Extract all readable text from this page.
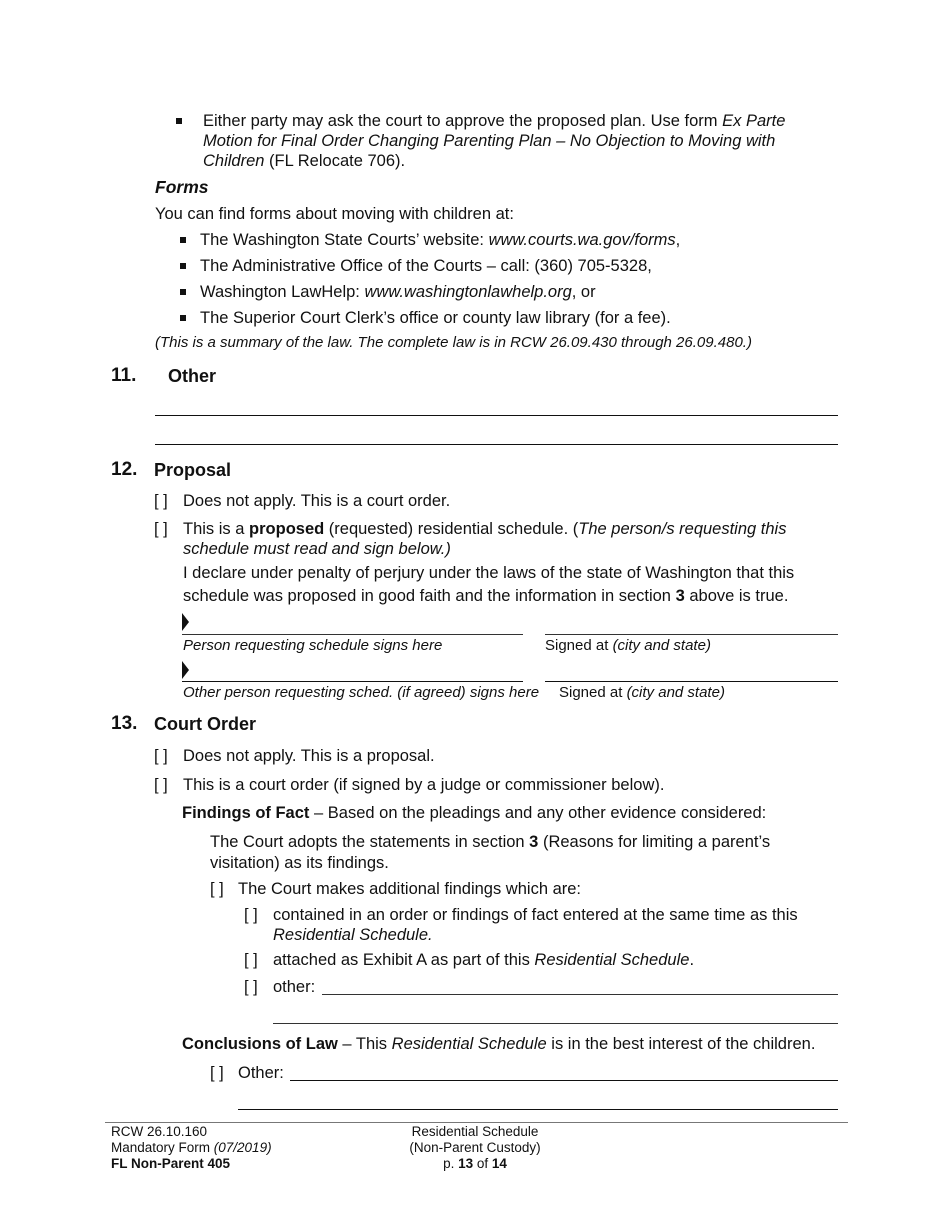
Either party may ask the court to approve the proposed plan. Use form Ex Parte
Motion for Final Order Changing Parenting Plan – No Objection to Moving with
Children (FL Relocate 706).
Forms
You can find forms about moving with children at:
The Washington State Courts’ website: www.courts.wa.gov/forms,
The Administrative Office of the Courts – call: (360) 705-5328,
Washington LawHelp: www.washingtonlawhelp.org, or
The Superior Court Clerk’s office or county law library (for a fee).
(This is a summary of the law. The complete law is in RCW 26.09.430 through 26.09.480.)
11. Other
12. Proposal
[ ] Does not apply. This is a court order.
[ ] This is a proposed (requested) residential schedule. (The person/s requesting this
schedule must read and sign below.)
I declare under penalty of perjury under the laws of the state of Washington that this
schedule was proposed in good faith and the information in section 3 above is true.
Person requesting schedule signs here	Signed at (city and state)
Other person requesting sched. (if agreed) signs here Signed at (city and state)
13. Court Order
[ ] Does not apply. This is a proposal.
[ ] This is a court order (if signed by a judge or commissioner below).
Findings of Fact – Based on the pleadings and any other evidence considered:
The Court adopts the statements in section 3 (Reasons for limiting a parent’s
visitation) as its findings.
[ ] The Court makes additional findings which are:
[ ] contained in an order or findings of fact entered at the same time as this
Residential Schedule.
[ ] attached as Exhibit A as part of this Residential Schedule.
[ ] other:
Conclusions of Law – This Residential Schedule is in the best interest of the children.
[ ] Other:
RCW 26.10.160
Mandatory Form (07/2019)
FL Non-Parent 405
Residential Schedule
(Non-Parent Custody)
p. 13 of 14
